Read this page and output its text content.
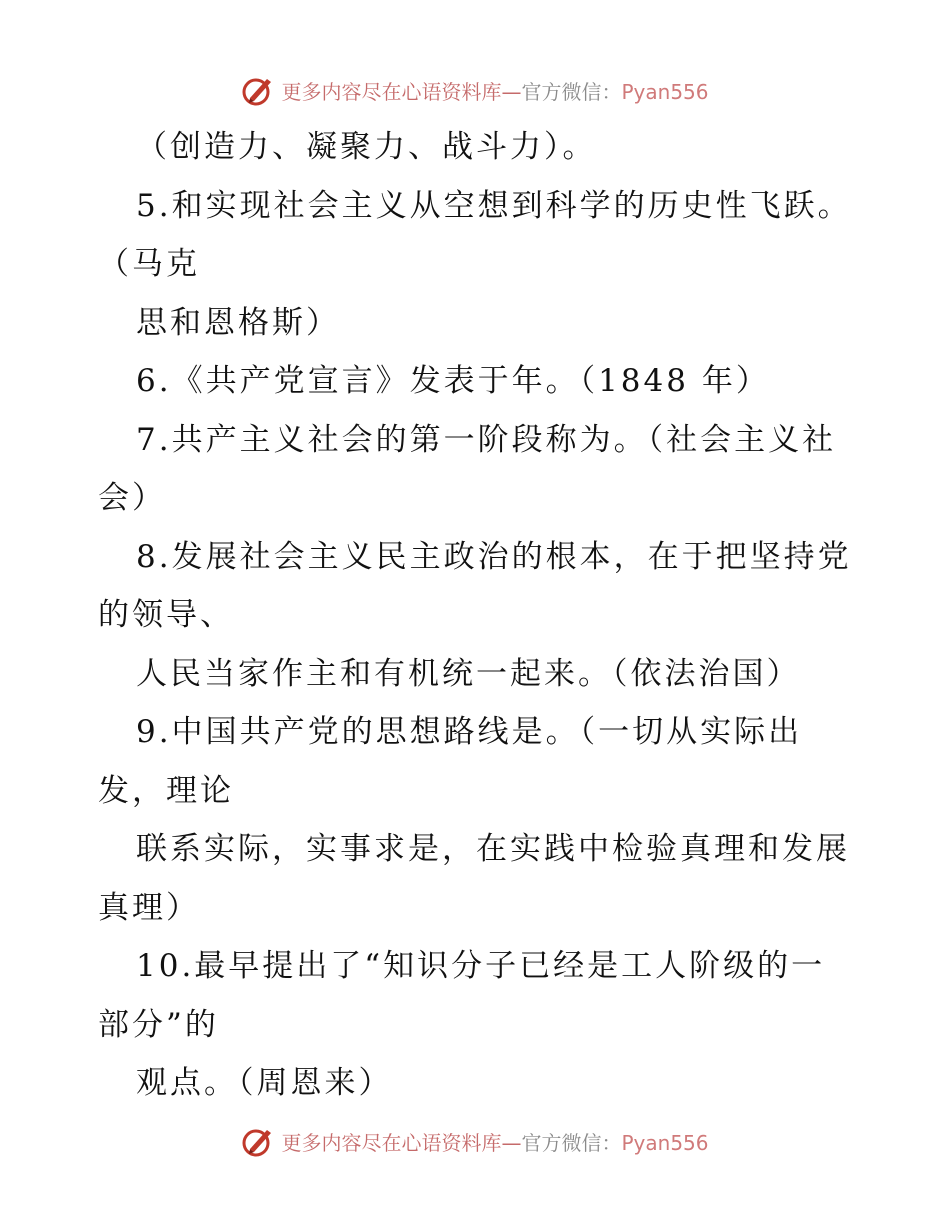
更多内容尽在心语资料库—官方微信：Pyan556
（创造力、凝聚力、战斗力）。
5.和实现社会主义从空想到科学的历史性飞跃。
（马克
思和恩格斯）
6.《共产党宣言》发表于年。（1848 年）
7.共产主义社会的第一阶段称为。（社会主义社
会）
8.发展社会主义民主政治的根本，在于把坚持党
的领导、
人民当家作主和有机统一起来。（依法治国）
9.中国共产党的思想路线是。（一切从实际出
发，理论
联系实际，实事求是，在实践中检验真理和发展
真理）
10.最早提出了“知识分子已经是工人阶级的一
部分”的
观点。（周恩来）
更多内容尽在心语资料库—官方微信：Pyan556
